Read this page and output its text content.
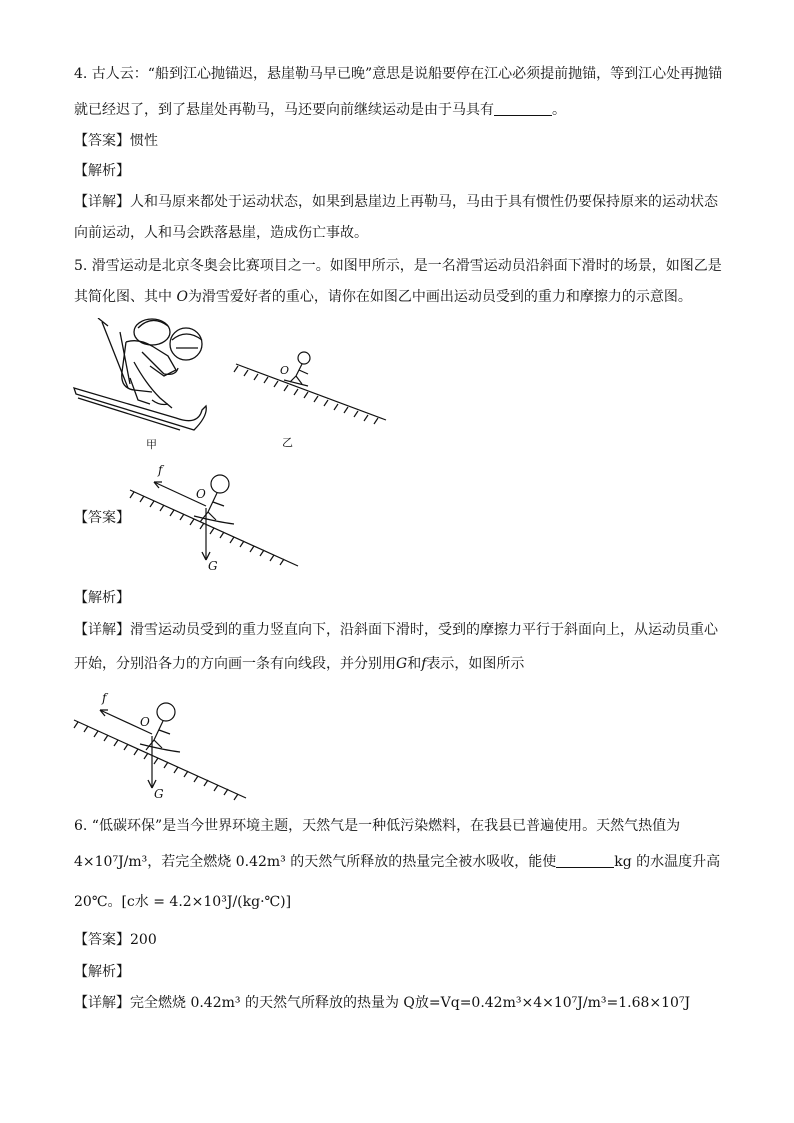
4. 古人云：“船到江心抛锚迟，悬崖勒马早已晚”意思是说船要停在江心必须提前抛锚，等到江心处再抛锚
就已经迟了，到了悬崖处再勒马，马还要向前继续运动是由于马具有	。
【答案】惯性
【解析】
【详解】人和马原来都处于运动状态，如果到悬崖边上再勒马，马由于具有惯性仍要保持原来的运动状态
向前运动，人和马会跌落悬崖，造成伤亡事故。
5. 滑雪运动是北京冬奥会比赛项目之一。如图甲所示，是一名滑雪运动员沿斜面下滑时的场景，如图乙是
其简化图、其中 O为滑雪爱好者的重心，请你在如图乙中画出运动员受到的重力和摩擦力的示意图。
甲
O
乙
【答案】
f
O
G
【解析】
【详解】滑雪运动员受到的重力竖直向下，沿斜面下滑时，受到的摩擦力平行于斜面向上，从运动员重心
开始，分别沿各力的方向画一条有向线段，并分别用G和f表示，如图所示
f
O
G
6. “低碳环保”是当今世界环境主题，天然气是一种低污染燃料，在我县已普遍使用。天然气热值为
4×10⁷J/m³，若完全燃烧 0.42m³ 的天然气所释放的热量完全被水吸收，能使	kg 的水温度升高
20℃。[c水 = 4.2×10³J/(kg·℃)]
【答案】200
【解析】
【详解】完全燃烧 0.42m³ 的天然气所释放的热量为 Q放=Vq=0.42m³×4×10⁷J/m³=1.68×10⁷J
